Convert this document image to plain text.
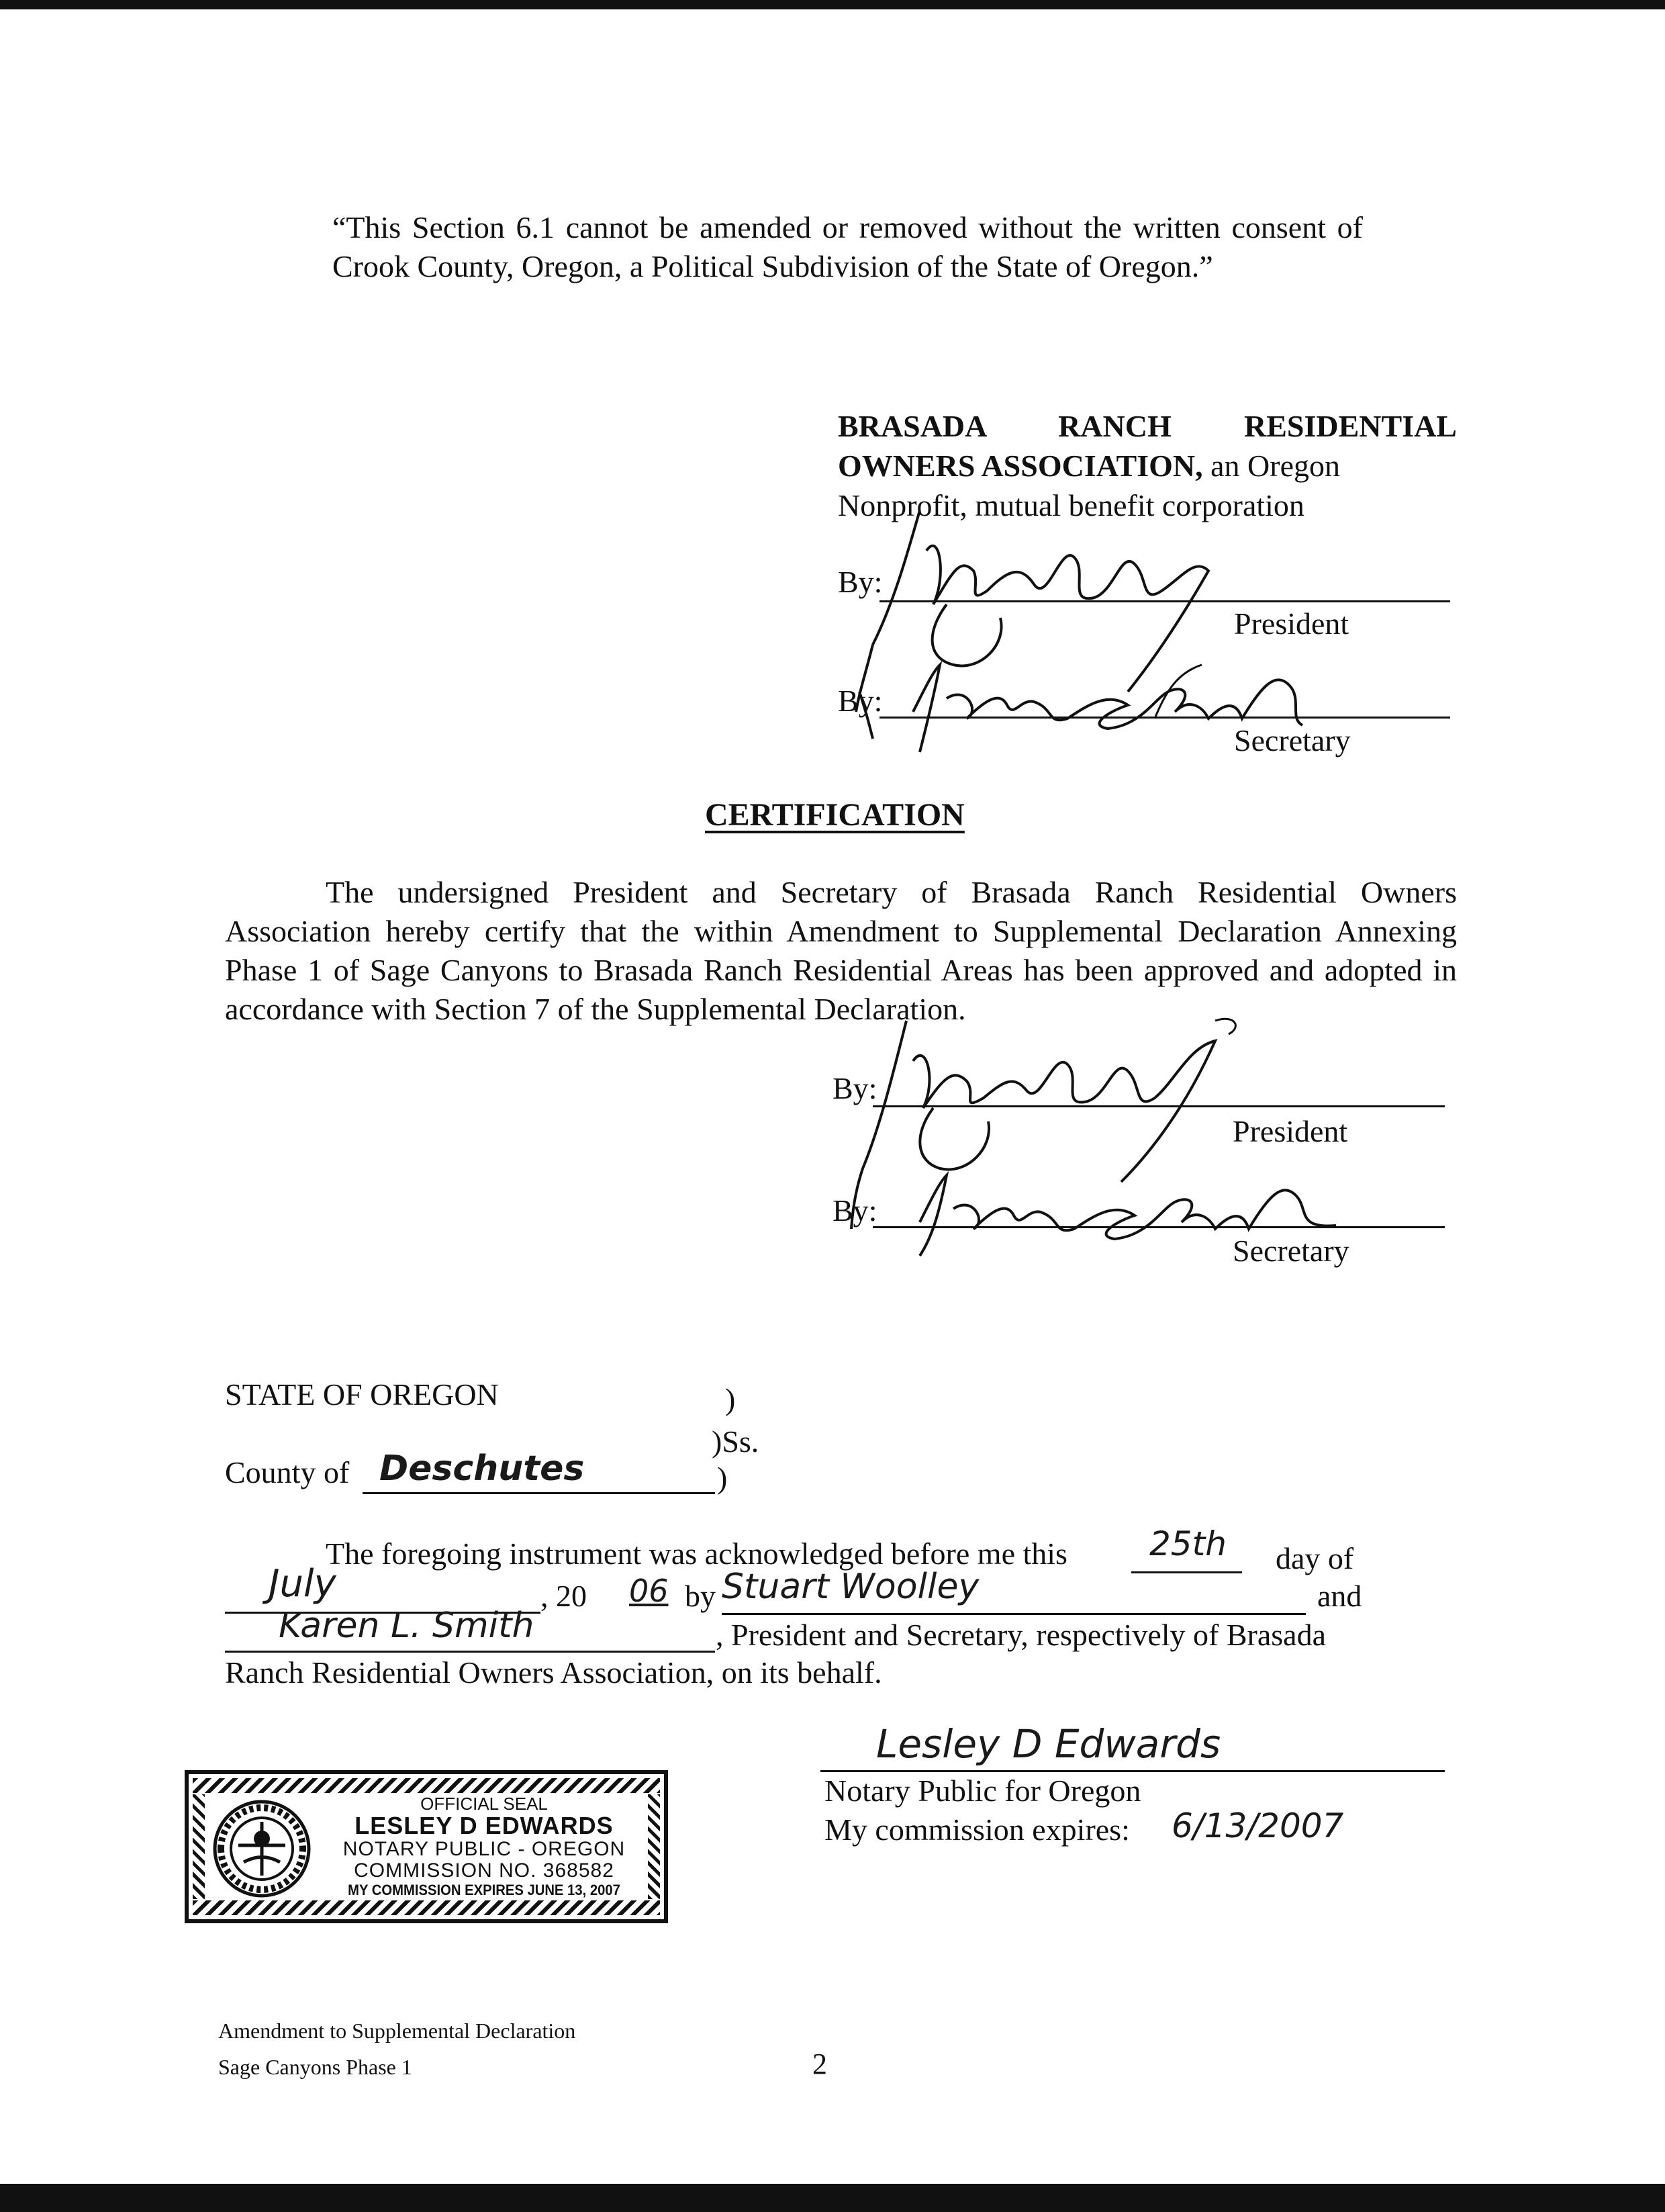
“This Section 6.1 cannot be amended or removed without the written consent of Crook County, Oregon, a Political Subdivision of the State of Oregon.”
BRASADA RANCH RESIDENTIAL
OWNERS ASSOCIATION, an Oregon
Nonprofit, mutual benefit corporation
By:
President
By:
Secretary
CERTIFICATION
The undersigned President and Secretary of Brasada Ranch Residential Owners Association hereby certify that the within Amendment to Supplemental Declaration Annexing Phase 1 of Sage Canyons to Brasada Ranch Residential Areas has been approved and adopted in accordance with Section 7 of the Supplemental Declaration.
By:
President
By:
Secretary
STATE OF OREGON	)
)Ss.
County of Deschutes	)
The foregoing instrument was acknowledged before me this 25th day of
July	, 20 06 by Stuart Woolley	and
Karen L. Smith	, President and Secretary, respectively of Brasada
Ranch Residential Owners Association, on its behalf.
Lesley D Edwards
Notary Public for Oregon
My commission expires: 6/13/2007
OFFICIAL SEAL
LESLEY D EDWARDS
NOTARY PUBLIC - OREGON
COMMISSION NO. 368582
MY COMMISSION EXPIRES JUNE 13, 2007
Amendment to Supplemental Declaration
Sage Canyons Phase 1	2
